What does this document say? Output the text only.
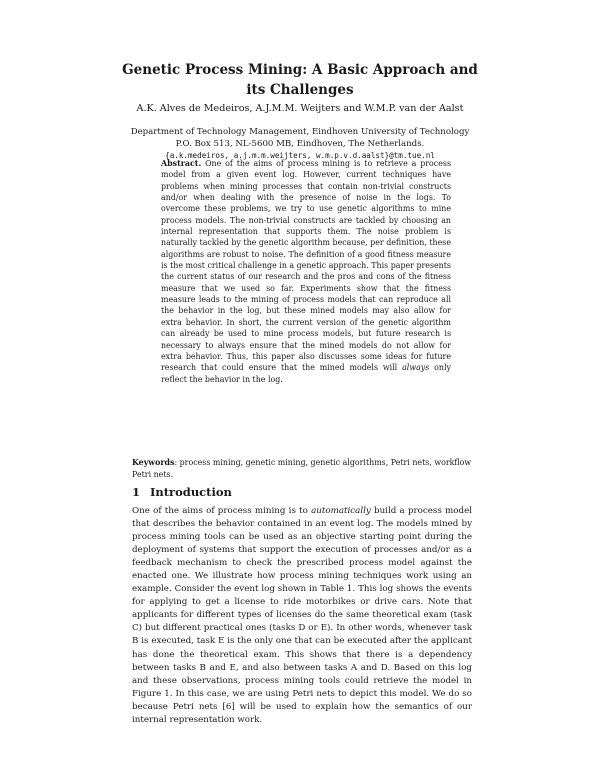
Genetic Process Mining: A Basic Approach and
its Challenges
A.K. Alves de Medeiros, A.J.M.M. Weijters and W.M.P. van der Aalst
Department of Technology Management, Eindhoven University of Technology
P.O. Box 513, NL-5600 MB, Eindhoven, The Netherlands.
{a.k.medeiros, a.j.m.m.weijters, w.m.p.v.d.aalst}@tm.tue.nl
Abstract. One of the aims of process mining is to retrieve a process model from a given event log. However, current techniques have problems when mining processes that contain non-trivial constructs and/or when dealing with the presence of noise in the logs. To overcome these problems, we try to use genetic algorithms to mine process models. The non-trivial constructs are tackled by choosing an internal representation that supports them. The noise problem is naturally tackled by the genetic algorithm because, per definition, these algorithms are robust to noise. The definition of a good fitness measure is the most critical challenge in a genetic approach. This paper presents the current status of our research and the pros and cons of the fitness measure that we used so far. Experiments show that the fitness measure leads to the mining of process models that can reproduce all the behavior in the log, but these mined models may also allow for extra behavior. In short, the current version of the genetic algorithm can already be used to mine process models, but future research is necessary to always ensure that the mined models do not allow for extra behavior. Thus, this paper also discusses some ideas for future research that could ensure that the mined models will always only reflect the behavior in the log.
Keywords: process mining, genetic mining, genetic algorithms, Petri nets, workflow Petri nets.
1 Introduction

One of the aims of process mining is to automatically build a process model that describes the behavior contained in an event log. The models mined by process mining tools can be used as an objective starting point during the deployment of systems that support the execution of processes and/or as a feedback mechanism to check the prescribed process model against the enacted one. We illustrate how process mining techniques work using an example. Consider the event log shown in Table 1. This log shows the events for applying to get a license to ride motorbikes or drive cars. Note that applicants for different types of licenses do the same theoretical exam (task C) but different practical ones (tasks D or E). In other words, whenever task B is executed, task E is the only one that can be executed after the applicant has done the theoretical exam. This shows that there is a dependency between tasks B and E, and also between tasks A and D. Based on this log and these observations, process mining tools could retrieve the model in Figure 1. In this case, we are using Petri nets to depict this model. We do so because Petri nets [6] will be used to explain how the semantics of our internal representation work.
